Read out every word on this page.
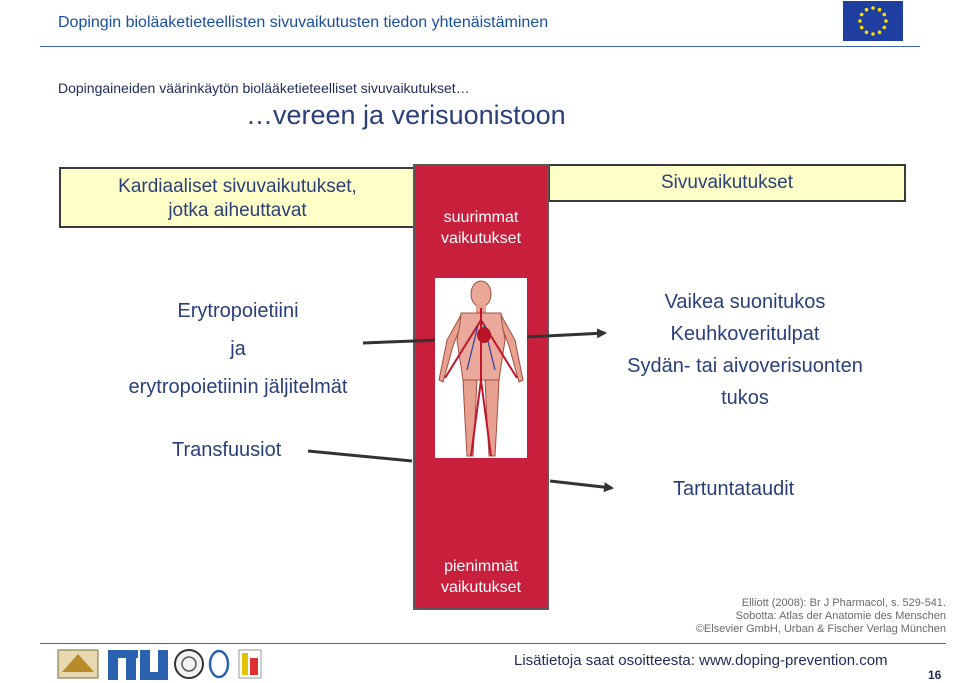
Dopingin bioläaketieteellisten sivuvaikutusten tiedon yhtenäistäminen
Dopingaineiden väärinkäytön biolääketieteelliset sivuvaikutukset…
…vereen ja verisuonistoon
Kardiaaliset sivuvaikutukset,
jotka aiheuttavat
Sivuvaikutukset
suurimmat
vaikutukset
pienimmät
vaikutukset
Erytropoietiini
ja
erytropoietiinin jäljitelmät
Transfuusiot
Vaikea suonitukos
Keuhkoveritulpat
Sydän- tai aivoverisuonten
tukos
Tartuntataudit
Elliott (2008): Br J Pharmacol, s. 529-541.
Sobotta: Atlas der Anatomie des Menschen
©Elsevier GmbH, Urban & Fischer Verlag München
Lisätietoja saat osoitteesta: www.doping-prevention.com
16
